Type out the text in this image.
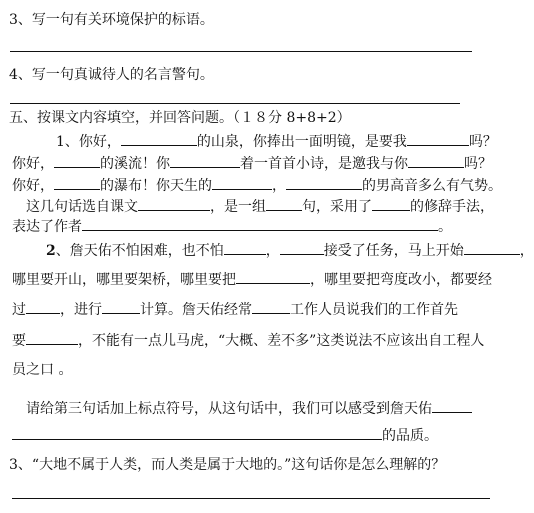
3、写一句有关环境保护的标语。
4、写一句真诚待人的名言警句。
五、按课文内容填空，并回答问题。（１８分 8+8+2）
1、你好，	的山泉，你捧出一面明镜，是要我	吗？
你好，	的溪流！你	着一首首小诗，是邀我与你	吗？
你好，	的瀑布！你天生的	，	的男高音多么有气势。
这几句话选自课文	，是一组	句，采用了	的修辞手法，
表达了作者	。
2、詹天佑不怕困难，也不怕	，	接受了任务，马上开始	，
哪里要开山，哪里要架桥，哪里要把	，哪里要把弯度改小，都要经
过 ，进行	计算。詹天佑经常	工作人员说我们的工作首先
要	，不能有一点儿马虎，“大概、差不多”这类说法不应该出自工程人
员之口 。
请给第三句话加上标点符号，从这句话中，我们可以感受到詹天佑
的品质。
3、“大地不属于人类，而人类是属于大地的。”这句话你是怎么理解的？
